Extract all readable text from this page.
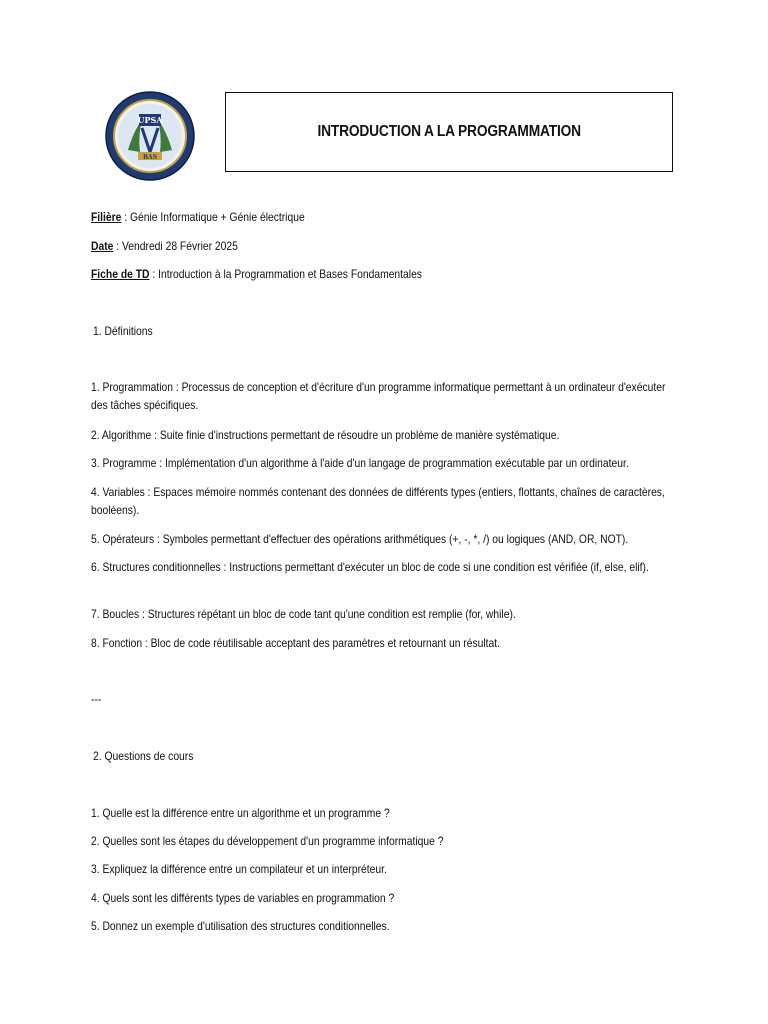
UPSA
BAS
INTRODUCTION A LA PROGRAMMATION
Filière : Génie Informatique + Génie électrique
Date : Vendredi 28 Février 2025
Fiche de TD : Introduction à la Programmation et Bases Fondamentales
1. Définitions
1. Programmation : Processus de conception et d'écriture d'un programme informatique permettant à un ordinateur d'exécuter des tâches spécifiques.
2. Algorithme : Suite finie d'instructions permettant de résoudre un problème de manière systématique.
3. Programme : Implémentation d'un algorithme à l'aide d'un langage de programmation exécutable par un ordinateur.
4. Variables : Espaces mémoire nommés contenant des données de différents types (entiers, flottants, chaînes de caractères, booléens).
5. Opérateurs : Symboles permettant d'effectuer des opérations arithmétiques (+, -, *, /) ou logiques (AND, OR, NOT).
6. Structures conditionnelles : Instructions permettant d'exécuter un bloc de code si une condition est vérifiée (if, else, elif).
7. Boucles : Structures répétant un bloc de code tant qu'une condition est remplie (for, while).
8. Fonction : Bloc de code réutilisable acceptant des paramètres et retournant un résultat.
---
2. Questions de cours
1. Quelle est la différence entre un algorithme et un programme ?
2. Quelles sont les étapes du développement d'un programme informatique ?
3. Expliquez la différence entre un compilateur et un interpréteur.
4. Quels sont les différents types de variables en programmation ?
5. Donnez un exemple d'utilisation des structures conditionnelles.
